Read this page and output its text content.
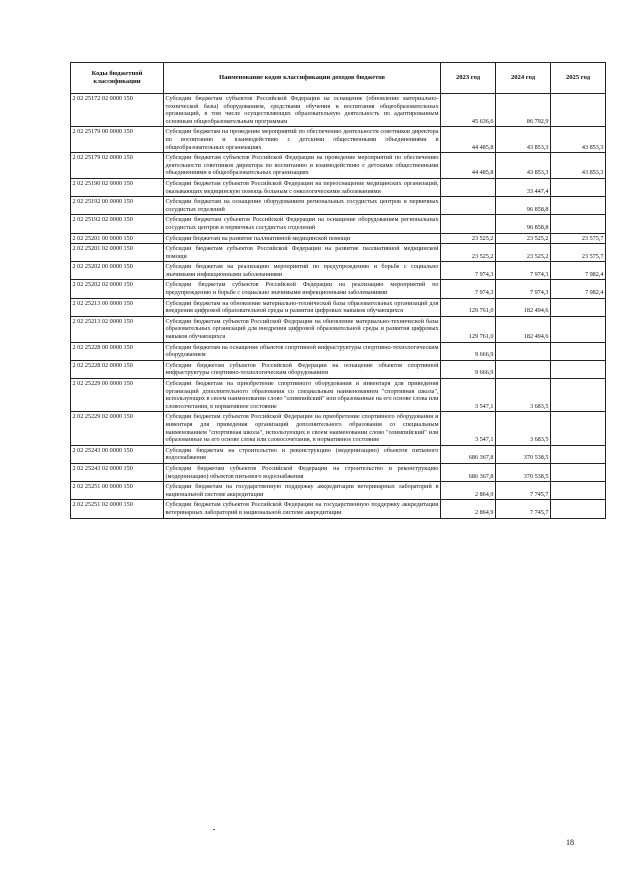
Коды бюджетной классификации	Наименование кодов классификации доходов бюджетов	2023 год	2024 год	2025 год
2 02 25172 02 0000 150	Субсидии бюджетам субъектов Российской Федерации на оснащение (обновление материально-технической базы) оборудованием, средствами обучения и воспитания общеобразовательных организаций, в том числе осуществляющих образовательную деятельность по адаптированным основным общеобразовательным программам	45 636,6	86 792,9	
2 02 25179 00 0000 150	Субсидии бюджетам на проведение мероприятий по обеспечению деятельности советников директора по воспитанию и взаимодействию с детскими общественными объединениями в общеобразовательных организациях	44 485,8	43 853,3	43 853,3
2 02 25179 02 0000 150	Субсидии бюджетам субъектов Российской Федерации на проведение мероприятий по обеспечению деятельности советников директора по воспитанию и взаимодействию с детскими общественными объединениями в общеобразовательных организациях	44 485,8	43 853,3	43 853,3
2 02 25190 02 0000 150	Субсидии бюджетам субъектов Российской Федерации на переоснащение медицинских организаций, оказывающих медицинскую помощь больным с онкологическими заболеваниями		33 447,4	
2 02 25192 00 0000 150	Субсидии бюджетам на оснащение оборудованием региональных сосудистых центров и первичных сосудистых отделений		96 858,8	
2 02 25192 02 0000 150	Субсидии бюджетам субъектов Российской Федерации на оснащение оборудованием региональных сосудистых центров и первичных сосудистых отделений		96 858,8	
2 02 25201 00 0000 150	Субсидии бюджетам на развитие паллиативной медицинской помощи	23 525,2	23 525,2	23 575,7
2 02 25201 02 0000 150	Субсидии бюджетам субъектов Российской Федерации на развитие паллиативной медицинской помощи	23 525,2	23 525,2	23 575,7
2 02 25202 00 0000 150	Субсидии бюджетам на реализацию мероприятий по предупреждению и борьбе с социально значимыми инфекционными заболеваниями	7 974,3	7 974,3	7 982,4
2 02 25202 02 0000 150	Субсидии бюджетам субъектов Российской Федерации на реализацию мероприятий по предупреждению и борьбе с социально значимыми инфекционными заболеваниями	7 974,3	7 974,3	7 982,4
2 02 25213 00 0000 150	Субсидии бюджетам на обновление материально-технической базы образовательных организаций для внедрения цифровой образовательной среды и развития цифровых навыков обучающихся	129 761,0	182 494,6	
2 02 25213 02 0000 150	Субсидии бюджетам субъектов Российской Федерации на обновление материально-технической базы образовательных организаций для внедрения цифровой образовательной среды и развития цифровых навыков обучающихся	129 761,0	182 494,6	
2 02 25228 00 0000 150	Субсидии бюджетам на оснащение объектов спортивной инфраструктуры спортивно-технологическим оборудованием	9 666,9		
2 02 25228 02 0000 150	Субсидии бюджетам субъектов Российской Федерации на оснащение объектов спортивной инфраструктуры спортивно-технологическим оборудованием	9 666,9		
2 02 25229 00 0000 150	Субсидии бюджетам на приобретение спортивного оборудования и инвентаря для приведения организаций дополнительного образования со специальным наименованием "спортивная школа", использующих в своем наименовании слово "олимпийский" или образованные на его основе слова или словосочетания, в нормативное состояние	3 547,1	3 683,5	
2 02 25229 02 0000 150	Субсидии бюджетам субъектов Российской Федерации на приобретение спортивного оборудования и инвентаря для приведения организаций дополнительного образования со специальным наименованием "спортивная школа", использующих в своем наименовании слово "олимпийский" или образованные на его основе слова или словосочетания, в нормативное состояние	3 547,1	3 683,5	
2 02 25243 00 0000 150	Субсидии бюджетам на строительство и реконструкцию (модернизацию) объектов питьевого водоснабжения	686 367,8	370 538,5	
2 02 25243 02 0000 150	Субсидии бюджетам субъектов Российской Федерации на строительство и реконструкцию (модернизацию) объектов питьевого водоснабжения	686 367,8	370 538,5	
2 02 25251 00 0000 150	Субсидии бюджетам на государственную поддержку аккредитации ветеринарных лабораторий в национальной системе аккредитации	2 864,9	7 745,7	
2 02 25251 02 0000 150	Субсидии бюджетам субъектов Российской Федерации на государственную поддержку аккредитации ветеринарных лабораторий в национальной системе аккредитации	2 864,9	7 745,7	
18
